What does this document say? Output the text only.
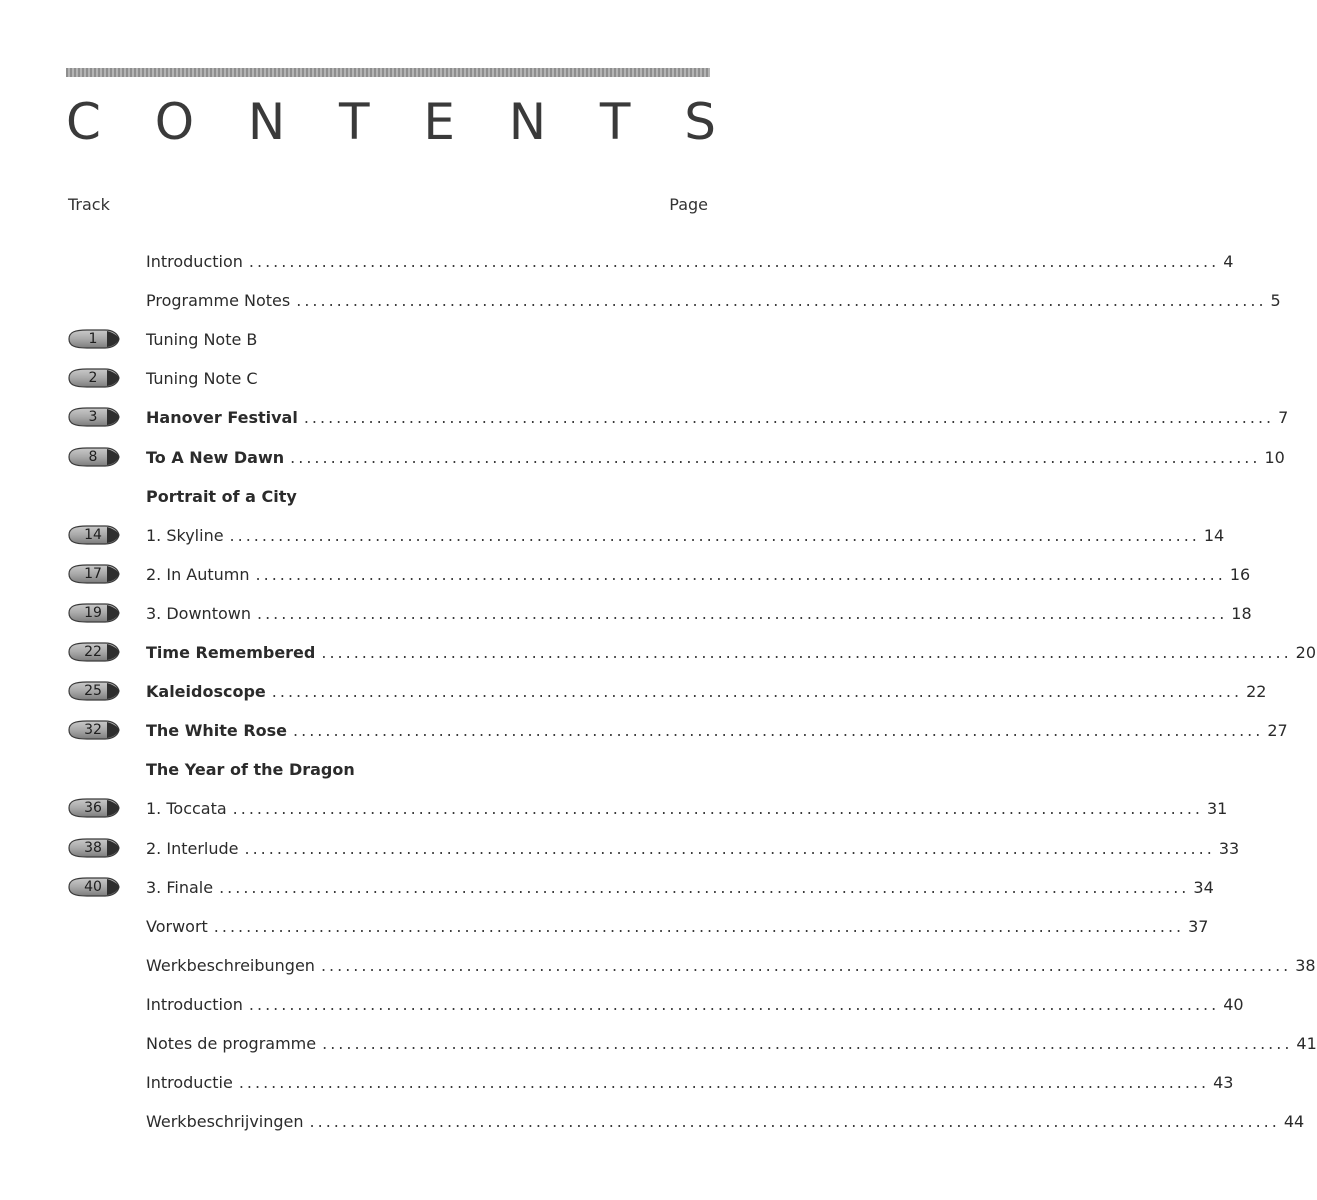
C O N T E N T S
Track	Page
Introduction ........................................................................................................................ 4
Programme Notes ........................................................................................................................ 5
1	Tuning Note B
2	Tuning Note C
3	Hanover Festival ........................................................................................................................ 7
8	To A New Dawn ........................................................................................................................ 10
Portrait of a City
14	1. Skyline ........................................................................................................................ 14
17	2. In Autumn ........................................................................................................................ 16
19	3. Downtown ........................................................................................................................ 18
22	Time Remembered ........................................................................................................................ 20
25	Kaleidoscope ........................................................................................................................ 22
32	The White Rose ........................................................................................................................ 27
The Year of the Dragon
36	1. Toccata ........................................................................................................................ 31
38	2. Interlude ........................................................................................................................ 33
40	3. Finale ........................................................................................................................ 34
Vorwort ........................................................................................................................ 37
Werkbeschreibungen ........................................................................................................................ 38
Introduction ........................................................................................................................ 40
Notes de programme ........................................................................................................................ 41
Introductie ........................................................................................................................ 43
Werkbeschrijvingen ........................................................................................................................ 44
